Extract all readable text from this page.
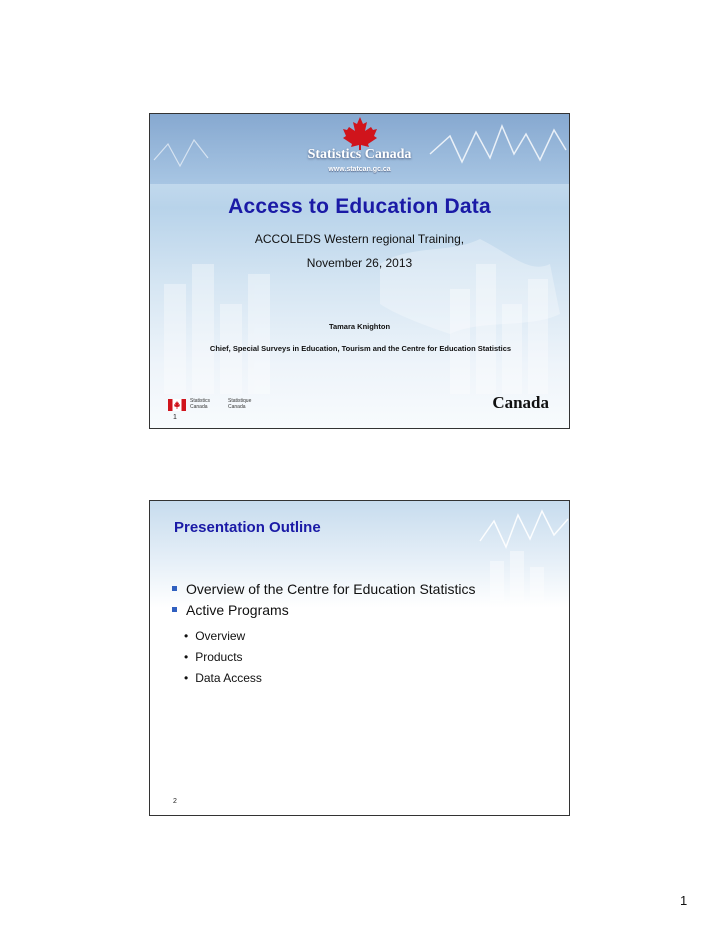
Statistics Canada
www.statcan.gc.ca
Access to Education Data
ACCOLEDS Western regional Training,
November 26, 2013
Tamara Knighton
Chief, Special Surveys in Education, Tourism and the Centre for Education Statistics
Statistics
Canada
Statistique
Canada	Canada
1
Presentation Outline
Overview of the Centre for Education Statistics
Active Programs
• Overview
• Products
• Data Access
2
1
